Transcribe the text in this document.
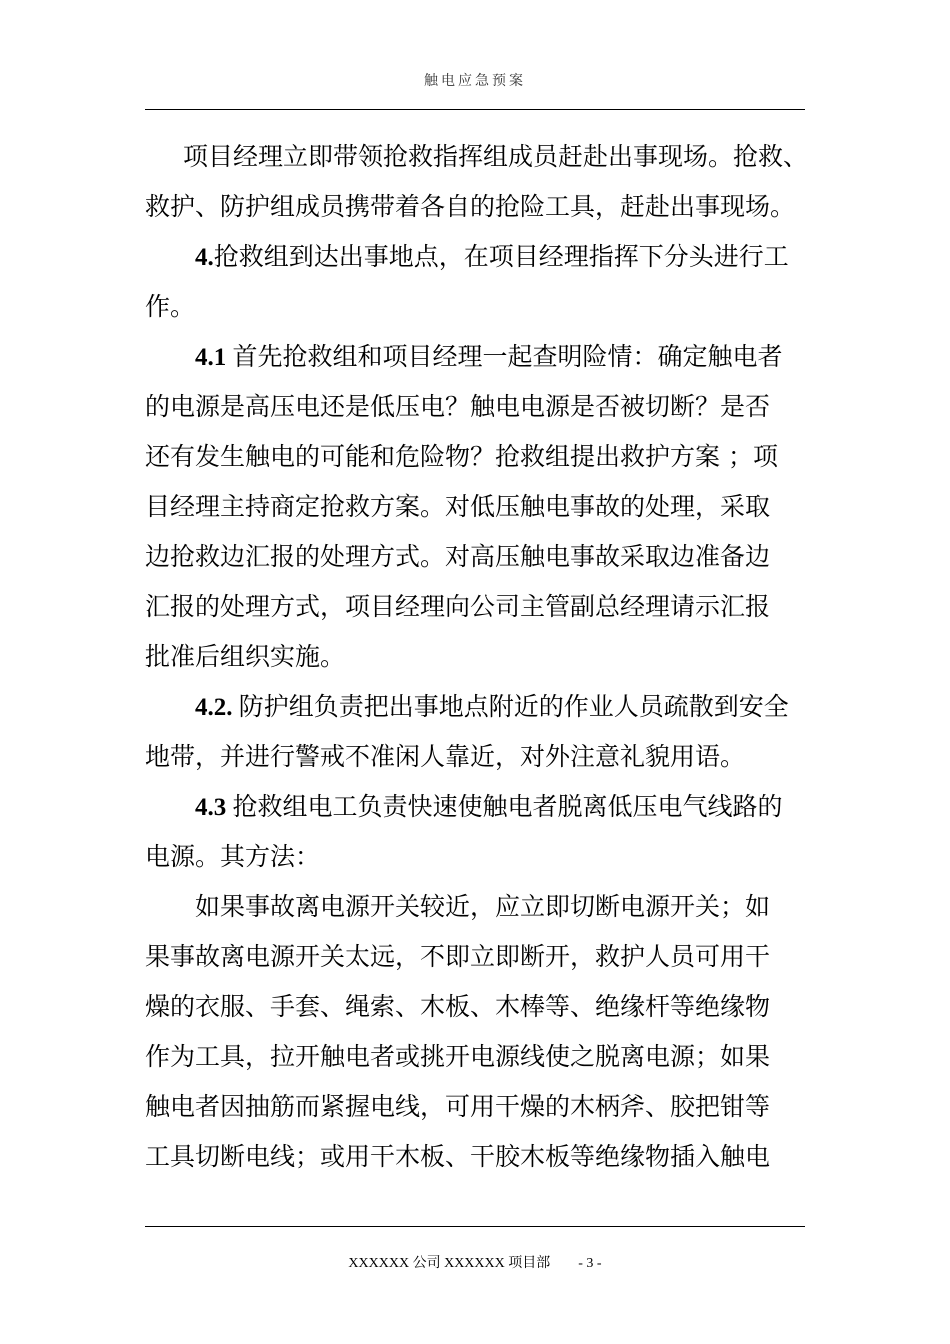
触电应急预案
项目经理立即带领抢救指挥组成员赶赴出事现场。抢救、
救护、防护组成员携带着各自的抢险工具，赶赴出事现场。
4.抢救组到达出事地点，在项目经理指挥下分头进行工
作。
4.1 首先抢救组和项目经理一起查明险情：确定触电者
的电源是高压电还是低压电？触电电源是否被切断？是否
还有发生触电的可能和危险物？抢救组提出救护方案 ；项
目经理主持商定抢救方案。对低压触电事故的处理，采取
边抢救边汇报的处理方式。对高压触电事故采取边准备边
汇报的处理方式，项目经理向公司主管副总经理请示汇报
批准后组织实施。
4.2. 防护组负责把出事地点附近的作业人员疏散到安全
地带，并进行警戒不准闲人靠近，对外注意礼貌用语。
4.3 抢救组电工负责快速使触电者脱离低压电气线路的
电源。其方法：
如果事故离电源开关较近，应立即切断电源开关；如
果事故离电源开关太远，不即立即断开，救护人员可用干
燥的衣服、手套、绳索、木板、木棒等、绝缘杆等绝缘物
作为工具，拉开触电者或挑开电源线使之脱离电源；如果
触电者因抽筋而紧握电线，可用干燥的木柄斧、胶把钳等
工具切断电线；或用干木板、干胶木板等绝缘物插入触电
XXXXXX 公司 XXXXXX 项目部 - 3 -
